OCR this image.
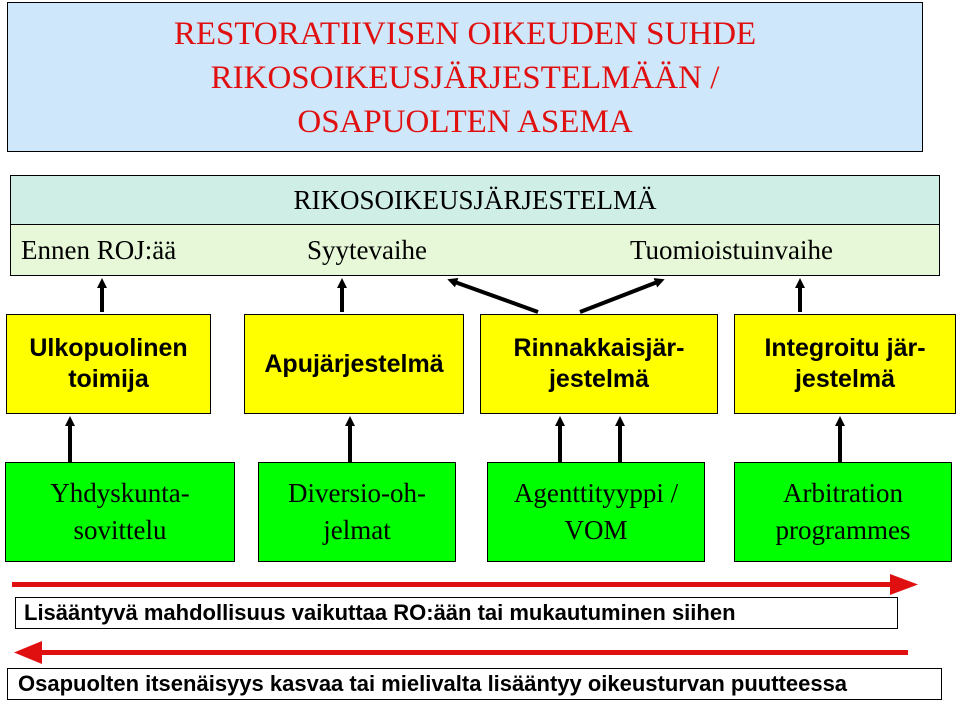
RESTORATIIVISEN OIKEUDEN SUHDE
RIKOSOIKEUSJÄRJESTELMÄÄN /
OSAPUOLTEN ASEMA
RIKOSOIKEUSJÄRJESTELMÄ
Ennen ROJ:ää	Syytevaihe	Tuomioistuinvaihe
Ulkopuolinen
toimija
Apujärjestelmä
Rinnakkaisjär-
jestelmä
Integroitu jär-
jestelmä
Yhdyskunta-
sovittelu
Diversio-oh-
jelmat
Agenttityyppi /
VOM
Arbitration
programmes
Lisääntyvä mahdollisuus vaikuttaa RO:ään tai mukautuminen siihen
Osapuolten itsenäisyys kasvaa tai mielivalta lisääntyy oikeusturvan puutteessa
